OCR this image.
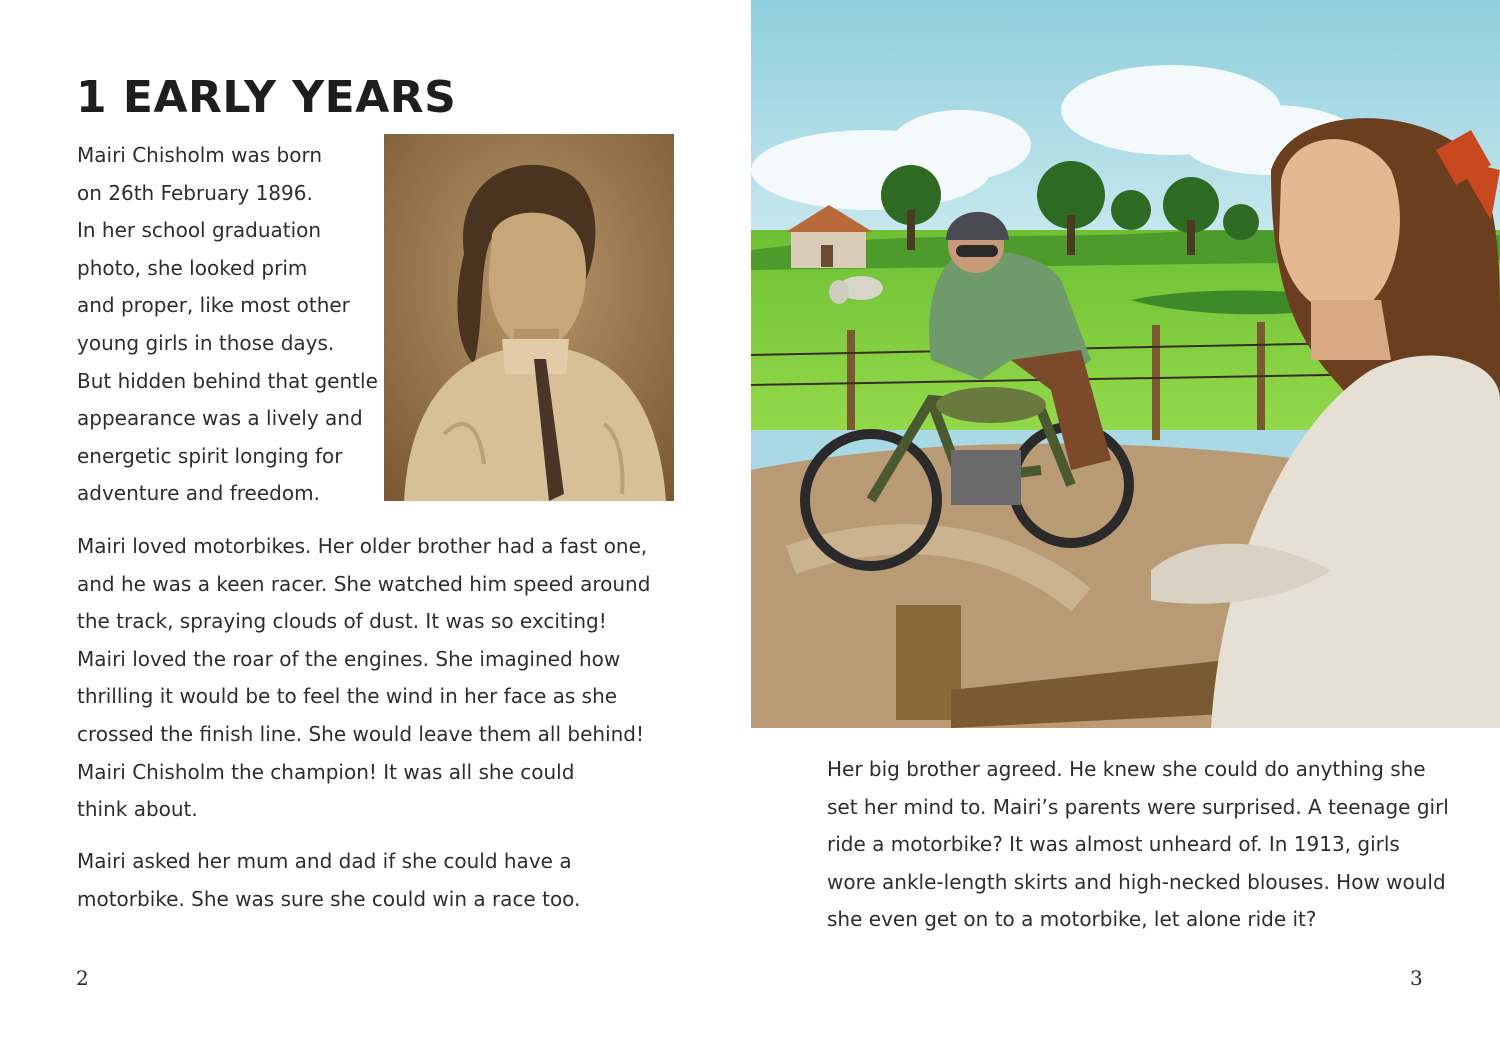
1 EARLY YEARS

Mairi Chisholm was born
on 26th February 1896.
In her school graduation
photo, she looked prim
and proper, like most other
young girls in those days.
But hidden behind that gentle
appearance was a lively and
energetic spirit longing for
adventure and freedom.

Mairi loved motorbikes. Her older brother had a fast one,
and he was a keen racer. She watched him speed around
the track, spraying clouds of dust. It was so exciting!
Mairi loved the roar of the engines. She imagined how
thrilling it would be to feel the wind in her face as she
crossed the finish line. She would leave them all behind!
Mairi Chisholm the champion! It was all she could
think about.

Mairi asked her mum and dad if she could have a
motorbike. She was sure she could win a race too.

2

Her big brother agreed. He knew she could do anything she
set her mind to. Mairi’s parents were surprised. A teenage girl
ride a motorbike? It was almost unheard of. In 1913, girls
wore ankle-length skirts and high-necked blouses. How would
she even get on to a motorbike, let alone ride it?

3
